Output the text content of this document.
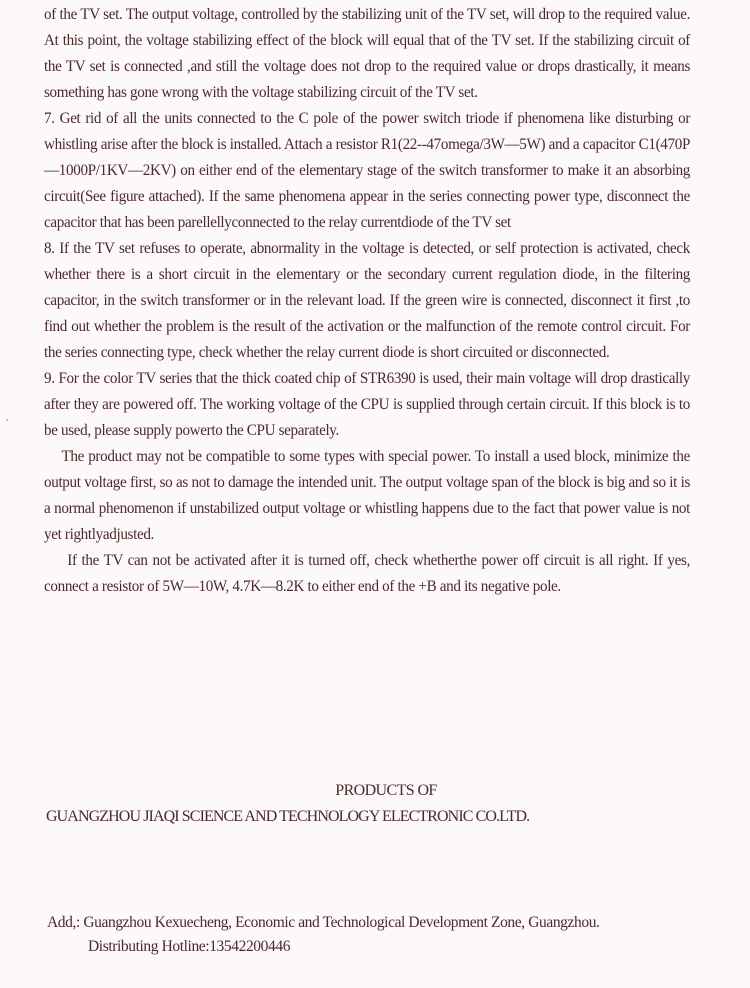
of the TV set. The output voltage, controlled by the stabilizing unit of the TV set, will drop to the required value. At this point, the voltage stabilizing effect of the block will equal that of the TV set. If the stabilizing circuit of the TV set is connected ,and still the voltage does not drop to the required value or drops drastically, it means something has gone wrong with the voltage stabilizing circuit of the TV set.

7. Get rid of all the units connected to the C pole of the power switch triode if phenomena like disturbing or whistling arise after the block is installed. Attach a resistor R1(22--47omega/3W—5W) and a capacitor C1(470P—1000P/1KV—2KV) on either end of the elementary stage of the switch transformer to make it an absorbing circuit(See figure attached). If the same phenomena appear in the series connecting power type, disconnect the capacitor that has been parellellyconnected to the relay currentdiode of the TV set

8. If the TV set refuses to operate, abnormality in the voltage is detected, or self protection is activated, check whether there is a short circuit in the elementary or the secondary current regulation diode, in the filtering capacitor, in the switch transformer or in the relevant load. If the green wire is connected, disconnect it first ,to find out whether the problem is the result of the activation or the malfunction of the remote control circuit. For the series connecting type, check whether the relay current diode is short circuited or disconnected.

9. For the color TV series that the thick coated chip of STR6390 is used, their main voltage will drop drastically after they are powered off. The working voltage of the CPU is supplied through certain circuit. If this block is to be used, please supply powerto the CPU separately.

The product may not be compatible to some types with special power. To install a used block, minimize the output voltage first, so as not to damage the intended unit. The output voltage span of the block is big and so it is a normal phenomenon if unstabilized output voltage or whistling happens due to the fact that power value is not yet rightlyadjusted.

If the TV can not be activated after it is turned off, check whetherthe power off circuit is all right. If yes, connect a resistor of 5W—10W, 4.7K—8.2K to either end of the +B and its negative pole.

PRODUCTS OF
GUANGZHOU JIAQI SCIENCE AND TECHNOLOGY ELECTRONIC CO.LTD.
Add,: Guangzhou Kexuecheng, Economic and Technological Development Zone, Guangzhou.
Distributing Hotline:13542200446
